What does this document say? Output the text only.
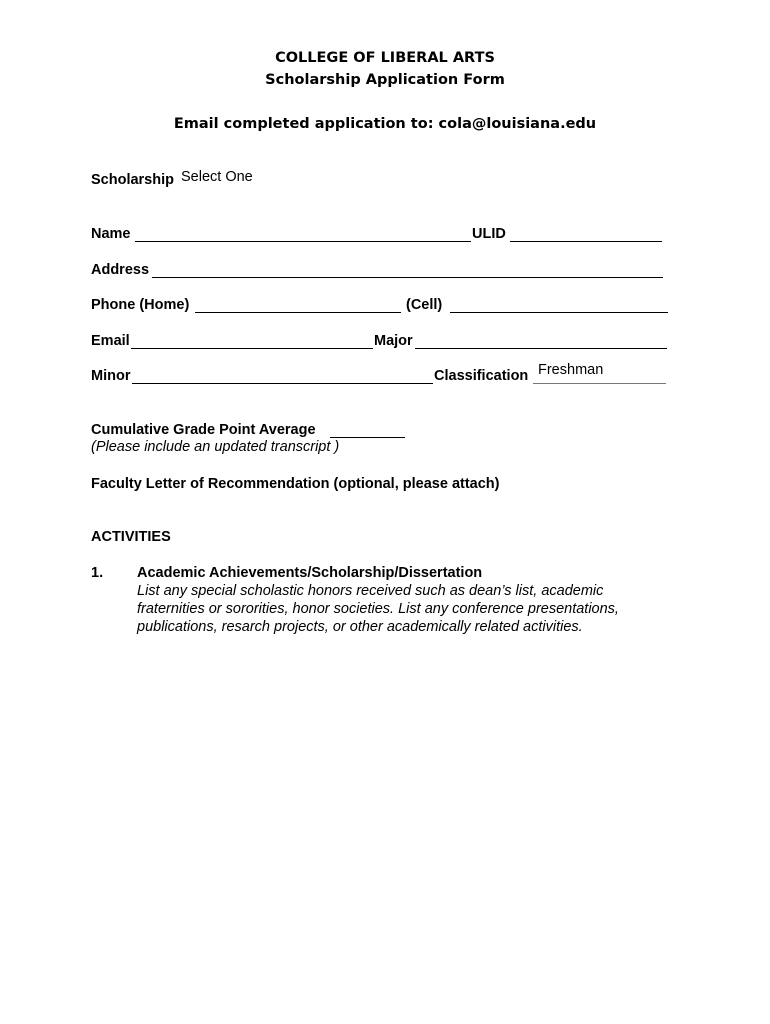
COLLEGE OF LIBERAL ARTS
Scholarship Application Form
Email completed application to: cola@louisiana.edu
Scholarship Select One
Name	ULID
Address
Phone (Home)	(Cell)
Email	Major
Minor	Classification Freshman
Cumulative Grade Point Average
(Please include an updated transcript )
Faculty Letter of Recommendation (optional, please attach)
ACTIVITIES
1. Academic Achievements/Scholarship/Dissertation
List any special scholastic honors received such as dean’s list, academic
fraternities or sororities, honor societies. List any conference presentations,
publications, resarch projects, or other academically related activities.
